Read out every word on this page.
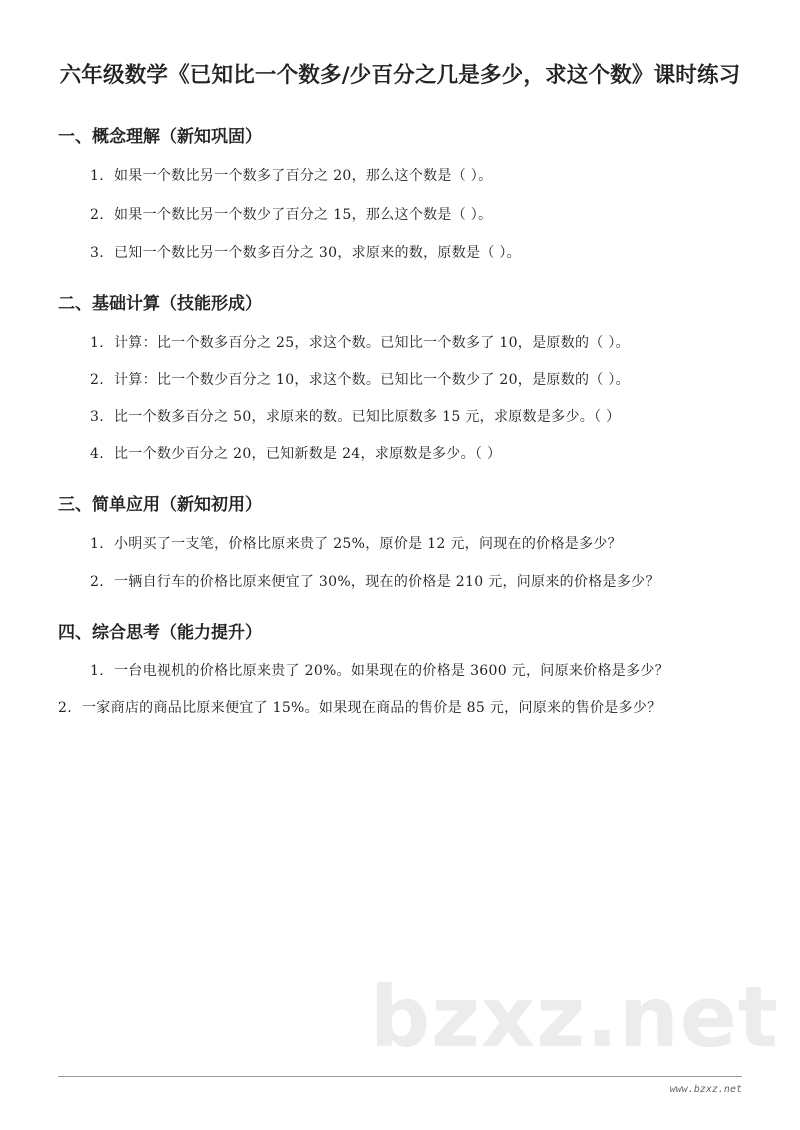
六年级数学《已知比一个数多/少百分之几是多少，求这个数》课时练习
一、概念理解（新知巩固）
1. 如果一个数比另一个数多了百分之 20，那么这个数是（ ）。
2. 如果一个数比另一个数少了百分之 15，那么这个数是（ ）。
3. 已知一个数比另一个数多百分之 30，求原来的数，原数是（ ）。
二、基础计算（技能形成）
1. 计算：比一个数多百分之 25，求这个数。已知比一个数多了 10，是原数的（ ）。
2. 计算：比一个数少百分之 10，求这个数。已知比一个数少了 20，是原数的（ ）。
3. 比一个数多百分之 50，求原来的数。已知比原数多 15 元，求原数是多少。（ ）
4. 比一个数少百分之 20，已知新数是 24，求原数是多少。（ ）
三、简单应用（新知初用）
1. 小明买了一支笔，价格比原来贵了 25%，原价是 12 元，问现在的价格是多少？
2. 一辆自行车的价格比原来便宜了 30%，现在的价格是 210 元，问原来的价格是多少？
四、综合思考（能力提升）
1. 一台电视机的价格比原来贵了 20%。如果现在的价格是 3600 元，问原来价格是多少？
2. 一家商店的商品比原来便宜了 15%。如果现在商品的售价是 85 元，问原来的售价是多少？
bzxz.net
www.bzxz.net
